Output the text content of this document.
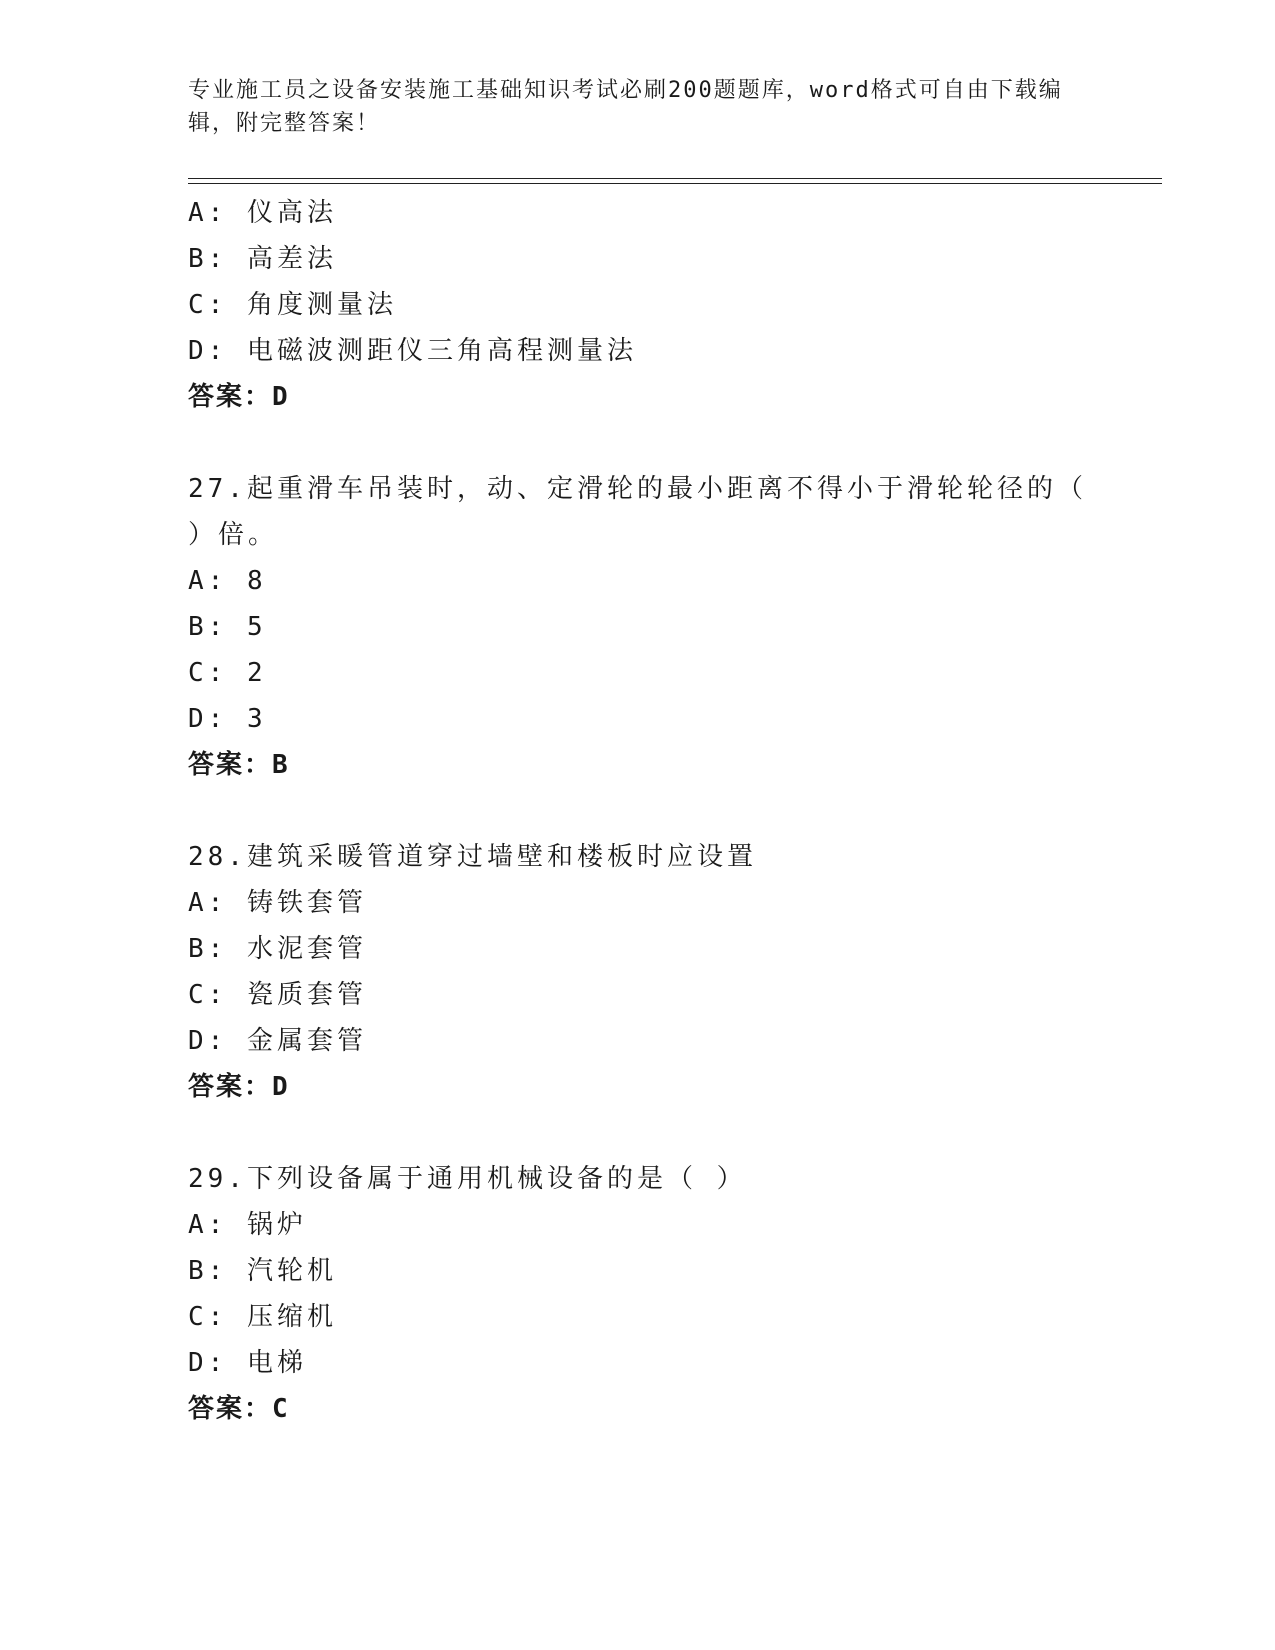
专业施工员之设备安装施工基础知识考试必刷200题题库，word格式可自由下载编辑，附完整答案！
A: 仪高法
B: 高差法
C: 角度测量法
D: 电磁波测距仪三角高程测量法
答案：D
27.起重滑车吊装时，动、定滑轮的最小距离不得小于滑轮轮径的（
）倍。
A: 8
B: 5
C: 2
D: 3
答案：B
28.建筑采暖管道穿过墙壁和楼板时应设置
A: 铸铁套管
B: 水泥套管
C: 瓷质套管
D: 金属套管
答案：D
29.下列设备属于通用机械设备的是（ ）
A: 锅炉
B: 汽轮机
C: 压缩机
D: 电梯
答案：C
